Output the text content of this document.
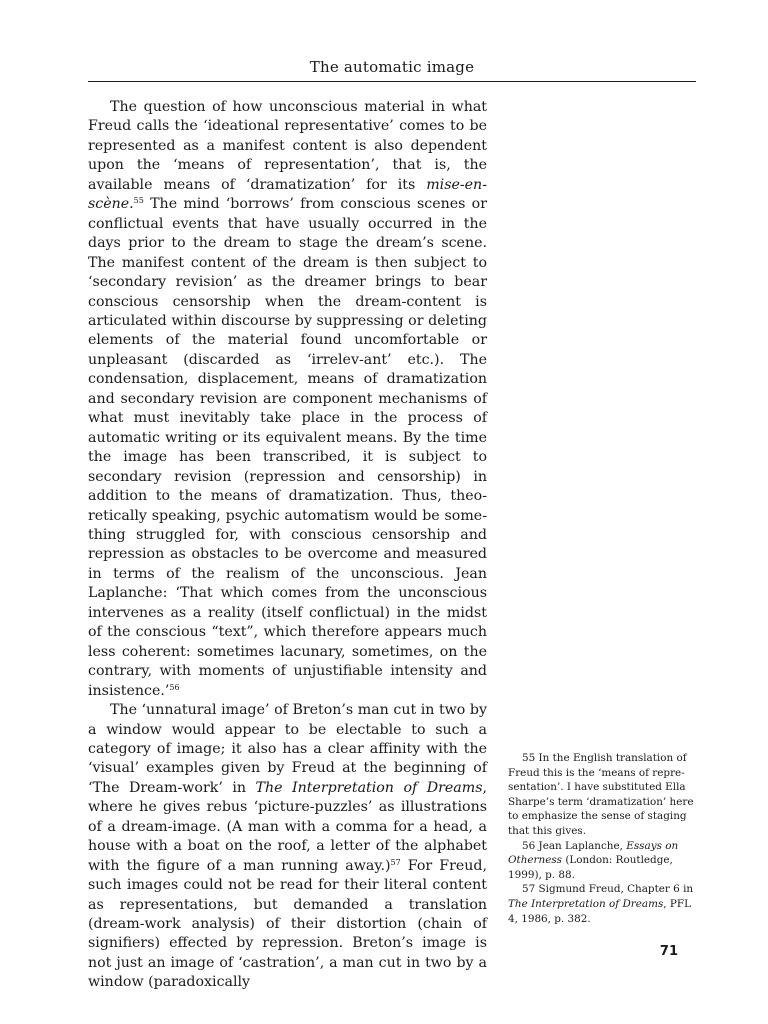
The automatic image

The question of how unconscious material in what Freud calls the ‘ideational representative’ comes to be represented as a manifest content is also dependent upon the ‘means of representation’, that is, the available means of ‘dramatization’ for its mise-en-scène.$^{55}$ The mind ‘borrows’ from conscious scenes or conflictual events that have usually occurred in the days prior to the dream to stage the dream’s scene. The manifest content of the dream is then subject to ‘secondary revision’ as the dreamer brings to bear conscious censorship when the dream-content is articulated within discourse by suppressing or deleting elements of the material found uncomfortable or unpleasant (discarded as ‘irrelev-ant’ etc.). The condensation, displacement, means of dramatization and secondary revision are component mechanisms of what must inevitably take place in the process of automatic writing or its equivalent means. By the time the image has been transcribed, it is subject to secondary revision (repression and censorship) in addition to the means of dramatization. Thus, theo-retically speaking, psychic automatism would be some-thing struggled for, with conscious censorship and repression as obstacles to be overcome and measured in terms of the realism of the unconscious. Jean Laplanche: ‘That which comes from the unconscious intervenes as a reality (itself conflictual) in the midst of the conscious “text”, which therefore appears much less coherent: sometimes lacunary, sometimes, on the contrary, with moments of unjustifiable intensity and insistence.’$^{56}$

The ‘unnatural image’ of Breton’s man cut in two by a window would appear to be electable to such a category of image; it also has a clear affinity with the ‘visual’ examples given by Freud at the beginning of ‘The Dream-work’ in The Interpretation of Dreams, where he gives rebus ‘picture-puzzles’ as illustrations of a dream-image. (A man with a comma for a head, a house with a boat on the roof, a letter of the alphabet with the figure of a man running away.)$^{57}$ For Freud, such images could not be read for their literal content as representations, but demanded a translation (dream-work analysis) of their distortion (chain of signifiers) effected by repression. Breton’s image is not just an image of ‘castration’, a man cut in two by a window (paradoxically

55 In the English translation of Freud this is the ‘means of repre-sentation’. I have substituted Ella Sharpe’s term ‘dramatization’ here to emphasize the sense of staging that this gives.

56 Jean Laplanche, Essays on Otherness (London: Routledge, 1999), p. 88.

57 Sigmund Freud, Chapter 6 in The Interpretation of Dreams, PFL 4, 1986, p. 382.

71
